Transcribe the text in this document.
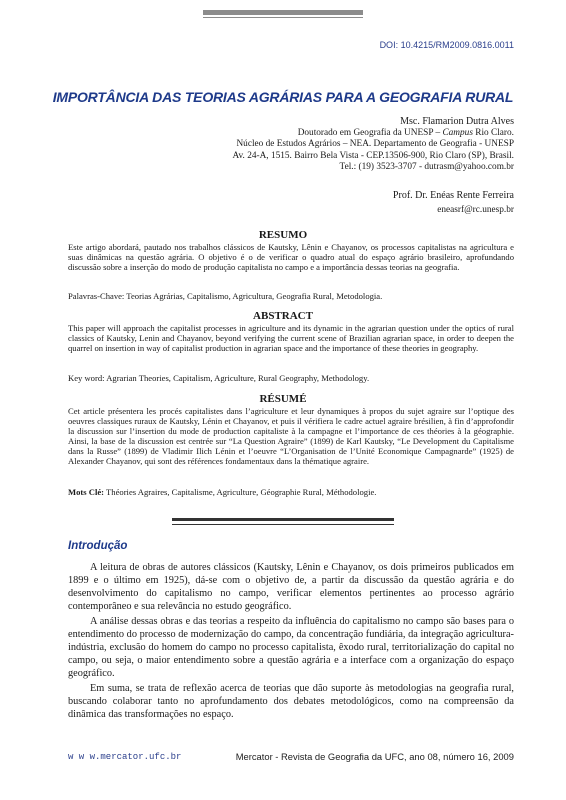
DOI: 10.4215/RM2009.0816.0011
IMPORTÂNCIA DAS TEORIAS AGRÁRIAS PARA A GEOGRAFIA RURAL
Msc. Flamarion Dutra Alves
Doutorado em Geografia da UNESP – Campus Rio Claro.
Núcleo de Estudos Agrários – NEA. Departamento de Geografia - UNESP
Av. 24-A, 1515. Bairro Bela Vista - CEP.13506-900, Rio Claro (SP), Brasil.
Tel.: (19) 3523-3707 - dutrasm@yahoo.com.br
Prof. Dr. Enéas Rente Ferreira
eneasrf@rc.unesp.br
RESUMO
Este artigo abordará, pautado nos trabalhos clássicos de Kautsky, Lênin e Chayanov, os processos capitalistas na agricultura e suas dinâmicas na questão agrária. O objetivo é o de verificar o quadro atual do espaço agrário brasileiro, aprofundando discussão sobre a inserção do modo de produção capitalista no campo e a importância dessas teorias na geografia.
Palavras-Chave: Teorias Agrárias, Capitalismo, Agricultura, Geografia Rural, Metodologia.
ABSTRACT
This paper will approach the capitalist processes in agriculture and its dynamic in the agrarian question under the optics of rural classics of Kautsky, Lenin and Chayanov, beyond verifying the current scene of Brazilian agrarian space, in order to deepen the quarrel on insertion in way of capitalist production in agrarian space and the importance of these theories in geography.
Key word: Agrarian Theories, Capitalism, Agriculture, Rural Geography, Methodology.
RÉSUMÉ
Cet article présentera les procés capitalistes dans l’agriculture et leur dynamiques à propos du sujet agraire sur l’optique des oeuvres classiques ruraux de Kautsky, Lénin et Chayanov, et puis il vérifiera le cadre actuel agraire brésilien, à fin d’approfondir la discussion sur l’insertion du mode de production capitaliste à la campagne et l’importance de ces théories à la géographie. Ainsi, la base de la discussion est centrée sur “La Question Agraire” (1899) de Karl Kautsky, “Le Development du Capitalisme dans la Russe” (1899) de Vladimir Ilich Lénin et l’oeuvre “L’Organisation de l’Unité Economique Campagnarde” (1925) de Alexander Chayanov, qui sont des références fondamentaux dans la thématique agraire.
Mots Clé: Théories Agraires, Capitalisme, Agriculture, Géographie Rural, Méthodologie.
Introdução

A leitura de obras de autores clássicos (Kautsky, Lênin e Chayanov, os dois primeiros publicados em 1899 e o último em 1925), dá-se com o objetivo de, a partir da discussão da questão agrária e do desenvolvimento do capitalismo no campo, verificar elementos pertinentes ao processo agrário contemporâneo e sua relevância no estudo geográfico.

A análise dessas obras e das teorias a respeito da influência do capitalismo no campo são bases para o entendimento do processo de modernização do campo, da concentração fundiária, da integração agricultura-indústria, exclusão do homem do campo no processo capitalista, êxodo rural, territorialização do capital no campo, ou seja, o maior entendimento sobre a questão agrária e a interface com a organização do espaço geográfico.

Em suma, se trata de reflexão acerca de teorias que dão suporte às metodologias na geografia rural, buscando colaborar tanto no aprofundamento dos debates metodológicos, como na compreensão da dinâmica das transformações no espaço.

w w w.mercator.ufc.br	Mercator - Revista de Geografia da UFC, ano 08, número 16, 2009
